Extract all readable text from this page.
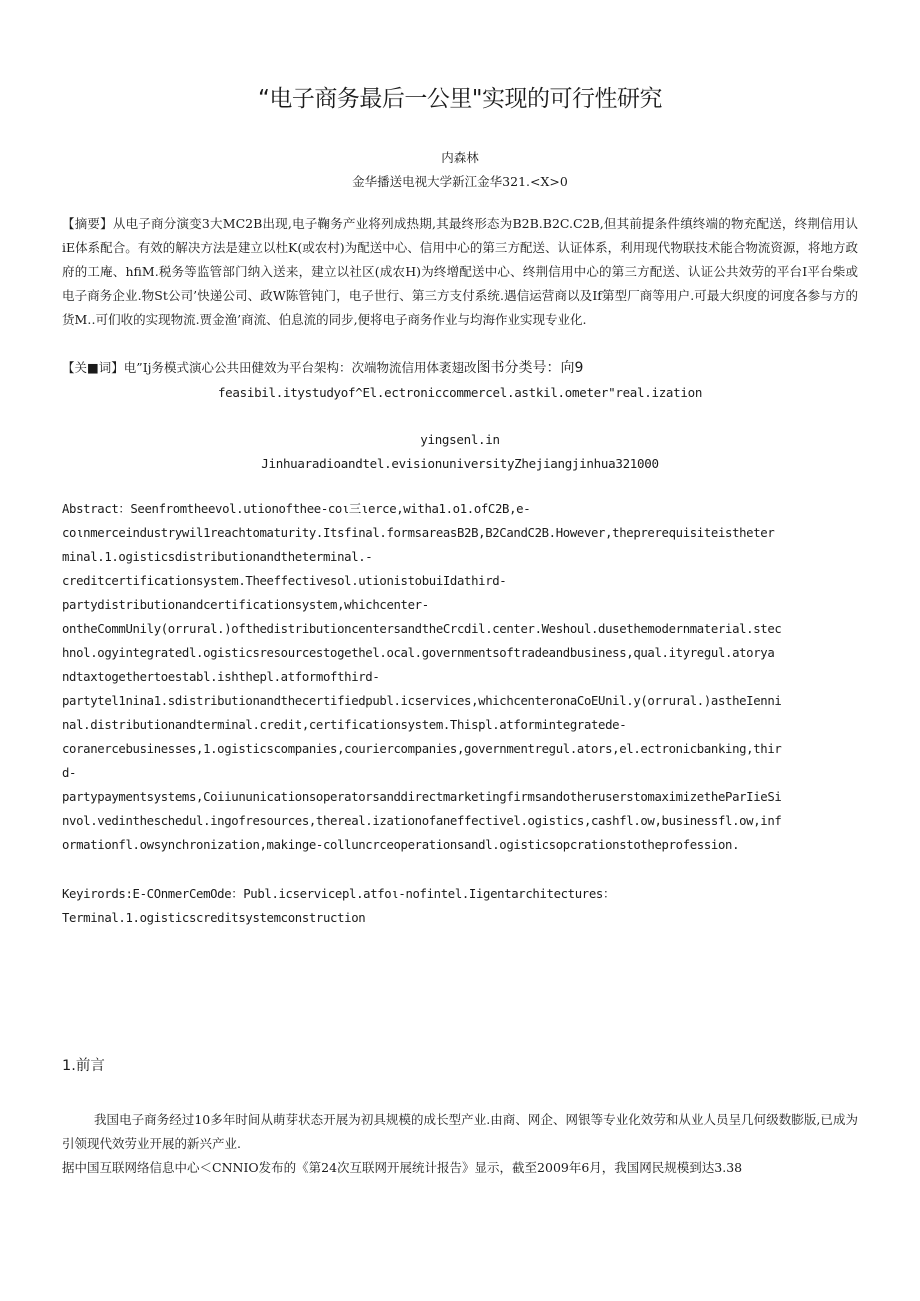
“电子商务最后一公里"实现的可行性研究
内森林
金华播送电视大学新江金华321.<X>0
【摘要】从电子商分演变3大MC2B出现,电子鞠务产业将列成热期,其最终形态为B2B.B2C.C2B,但其前提条件缜终端的物充配送，终荆信用认iE体系配合。有效的解决方法是建立以杜K(或农村)为配送中心、信用中心的第三方配送、认证体系，利用现代物联技术能合物流资源，将地方政府的工庵、hfiM.税务等监管部门纳入送来，建立以社区(成农H)为终增配送中心、终荆信用中心的第三方配送、认证公共效劳的平台I平台柴或电子商务企业.物St公司’快递公司、政W陈管钝门，电子世行、第三方支付系统.遇信运营商以及If第型厂商等用户.可最大织度的诃度各参与方的货M‥可们收的实现物流.贾金渔’商流、伯息流的同步,便将电子商务作业与均海作业实现专业化.
【关■词】电”Ij务模式演心公共田健效为平台架构：次端物流信用体袤翅改图书分类号：向9
feasibil.itystudyof^El.ectroniccommercel.astkil.ometer"real.ization
yingsenl.in
Jinhuaradioandtel.evisionuniversityZhejiangjinhua321000
Abstract：Seenfromtheevol.utionofthee-coι三ιerce,witha1.o1.ofC2B,e-
coιnmerceindustrywil1reachtomaturity.Itsfinal.formsareasB2B,B2CandC2B.However,theprerequisiteistheter
minal.1.ogisticsdistributionandtheterminal.-
creditcertificationsystem.Theeffectivesol.utionistobuiIdathird-
partydistributionandcertificationsystem,whichcenter-
ontheCommUnily(orrural.)ofthedistributioncentersandtheCrcdil.center.Weshoul.dusethemodernmaterial.stec
hnol.ogyintegratedl.ogisticsresourcestogethel.ocal.governmentsoftradeandbusiness,qual.ityregul.atorya
ndtaxtogethertoestabl.ishthepl.atformofthird-
partytel1nina1.sdistributionandthecertifiedpubl.icservices,whichcenteronaCoEUnil.y(orrural.)astheIenni
nal.distributionandterminal.credit,certificationsystem.Thispl.atformintegratede-
coranercebusinesses,1.ogisticscompanies,couriercompanies,governmentregul.ators,el.ectronicbanking,thir
d-
partypaymentsystems,CoiiununicationsoperatorsanddirectmarketingfirmsandotheruserstomaximizetheParIieSi
nvol.vedintheschedul.ingofresources,thereal.izationofaneffectivel.ogistics,cashfl.ow,businessfl.ow,inf
ormationfl.owsynchronization,makinge-colluncrceoperationsandl.ogisticsopcrationstotheprofession.
Keyirords:E-COnmerCemOde：Publ.icservicepl.atfoι-nofintel.Iigentarchitectures：
Terminal.1.ogisticscreditsystemconstruction
1.前言
我国电子商务经过10多年时间从萌芽状态开展为初具规模的成长型产业.由商、网企、网银等专业化效劳和从业人员呈几何级数膨版,已成为引领现代效劳业开展的新兴产业.
据中国互联网络信息中心＜CNNIO发布的《第24次互联网开展统计报告》显示，截至2009年6月，我国网民规模到达3.38
